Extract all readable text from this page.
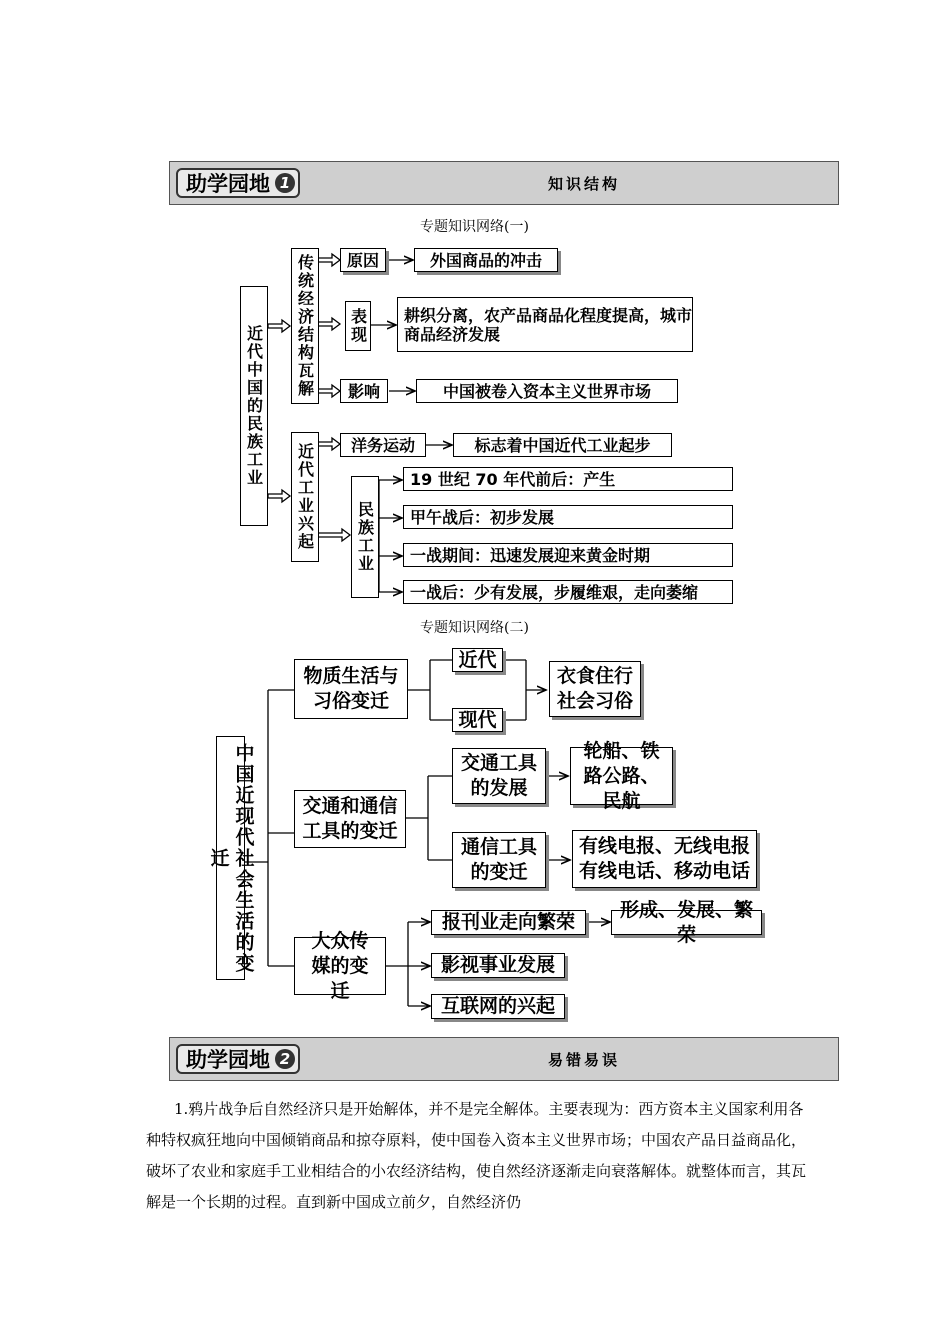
助学园地 1	知识结构
专题知识网络(一)
近代中国的民族工业 传统经济结构瓦解
近代工业兴起
原因	外国商品的冲击
表现	耕织分离，农产品商品化程度提高，城市商品经济发展
影响	中国被卷入资本主义世界市场
洋务运动	标志着中国近代工业起步
民族工业
19 世纪 70 年代前后：产生
甲午战后：初步发展
一战期间：迅速发展迎来黄金时期
一战后：少有发展，步履维艰，走向萎缩
专题知识网络(二)
中国近现代社会生活的变迁
物质生活与习俗变迁
近代
现代
衣食住行社会习俗
交通和通信工具的变迁
交通工具的发展
轮船、铁路公路、民航
通信工具的变迁
有线电报、无线电报有线电话、移动电话
大众传媒的变迁
报刊业走向繁荣
形成、发展、繁荣
影视事业发展
互联网的兴起
助学园地 2	易错易误
1.鸦片战争后自然经济只是开始解体，并不是完全解体。主要表现为：西方资本主义国家利用各种特权疯狂地向中国倾销商品和掠夺原料，使中国卷入资本主义世界市场；中国农产品日益商品化，破坏了农业和家庭手工业相结合的小农经济结构，使自然经济逐渐走向衰落解体。就整体而言，其瓦解是一个长期的过程。直到新中国成立前夕，自然经济仍
